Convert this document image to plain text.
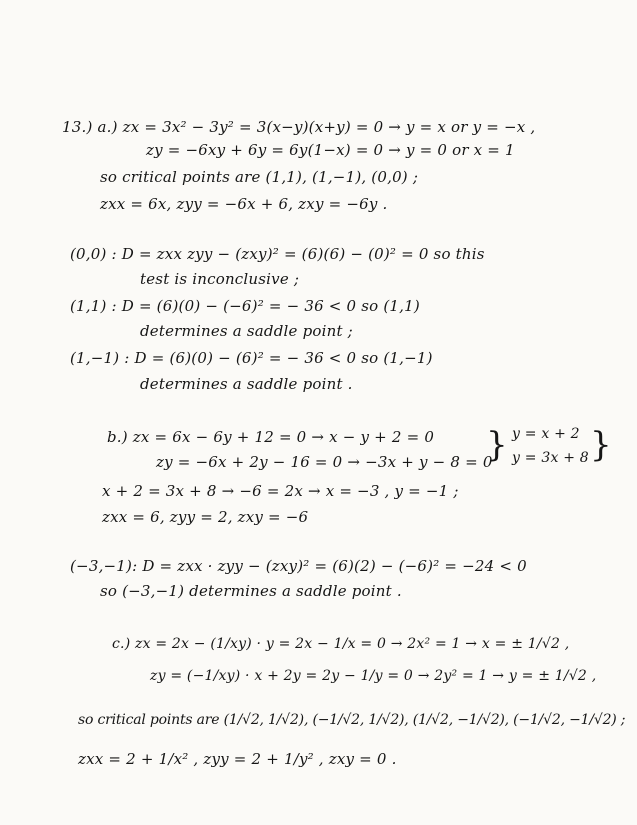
13.) a.) zx = 3x² − 3y² = 3(x−y)(x+y) = 0 → y = x or y = −x ,
zy = −6xy + 6y = 6y(1−x) = 0 → y = 0 or x = 1
so critical points are (1,1), (1,−1), (0,0) ;
zxx = 6x, zyy = −6x + 6, zxy = −6y .
(0,0) : D = zxx zyy − (zxy)² = (6)(6) − (0)² = 0 so this
test is inconclusive ;
(1,1) : D = (6)(0) − (−6)² = − 36 < 0 so (1,1)
determines a saddle point ;
(1,−1) : D = (6)(0) − (6)² = − 36 < 0 so (1,−1)
determines a saddle point .
b.) zx = 6x − 6y + 12 = 0 → x − y + 2 = 0
zy = −6x + 2y − 16 = 0 → −3x + y − 8 = 0
} y = x + 2
y = 3x + 8 }
x + 2 = 3x + 8 → −6 = 2x → x = −3 , y = −1 ;
zxx = 6, zyy = 2, zxy = −6
(−3,−1): D = zxx · zyy − (zxy)² = (6)(2) − (−6)² = −24 < 0
so (−3,−1) determines a saddle point .
c.) zx = 2x − (1/xy) · y = 2x − 1/x = 0 → 2x² = 1 → x = ± 1/√2 ,
zy = (−1/xy) · x + 2y = 2y − 1/y = 0 → 2y² = 1 → y = ± 1/√2 ,
so critical points are (1/√2, 1/√2), (−1/√2, 1/√2), (1/√2, −1/√2), (−1/√2, −1/√2) ;
zxx = 2 + 1/x² , zyy = 2 + 1/y² , zxy = 0 .
